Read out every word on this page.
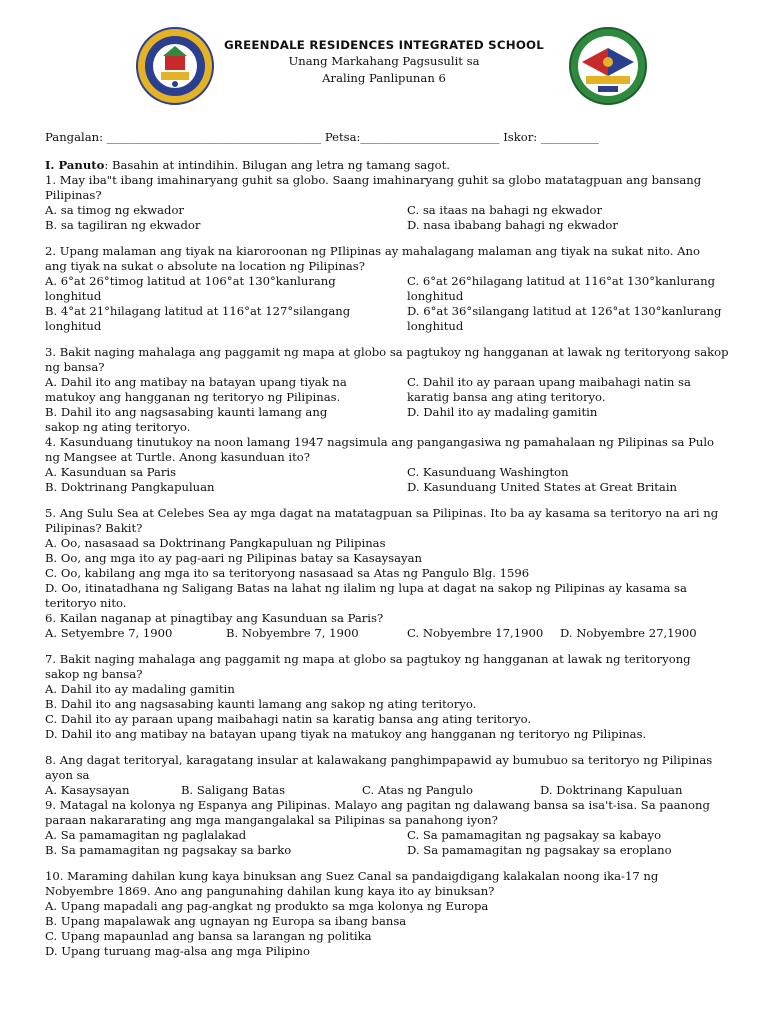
GREENDALE RESIDENCES INTEGRATED SCHOOL
Unang Markahang Pagsusulit sa
Araling Panlipunan 6
Pangalan: _____________________________________ Petsa:________________________ Iskor: __________
I. Panuto: Basahin at intindihin. Bilugan ang letra ng tamang sagot.
1. May iba"t ibang imahinaryang guhit sa globo. Saang imahinaryang guhit sa globo matatagpuan ang bansang
Pilipinas?
A. sa timog ng ekwador	C. sa itaas na bahagi ng ekwador
B. sa tagiliran ng ekwador	D. nasa ibabang bahagi ng ekwador
2. Upang malaman ang tiyak na kiaroroonan ng PIlipinas ay mahalagang malaman ang tiyak na sukat nito. Ano
ang tiyak na sukat o absolute na location ng Pilipinas?
A. 6°at 26°timog latitud at 106°at 130°kanlurang	C. 6°at 26°hilagang latitud at 116°at 130°kanlurang
longhitud	longhitud
B. 4°at 21°hilagang latitud at 116°at 127°silangang	D. 6°at 36°silangang latitud at 126°at 130°kanlurang
longhitud	longhitud
3. Bakit naging mahalaga ang paggamit ng mapa at globo sa pagtukoy ng hangganan at lawak ng teritoryong sakop
ng bansa?
A. Dahil ito ang matibay na batayan upang tiyak na	C. Dahil ito ay paraan upang maibahagi natin sa
matukoy ang hangganan ng teritoryo ng Pilipinas.	karatig bansa ang ating teritoryo.
B. Dahil ito ang nagsasabing kaunti lamang ang	D. Dahil ito ay madaling gamitin
sakop ng ating teritoryo.
4. Kasunduang tinutukoy na noon lamang 1947 nagsimula ang pangangasiwa ng pamahalaan ng Pilipinas sa Pulo
ng Mangsee at Turtle. Anong kasunduan ito?
A. Kasunduan sa Paris	C. Kasunduang Washington
B. Doktrinang Pangkapuluan	D. Kasunduang United States at Great Britain
5. Ang Sulu Sea at Celebes Sea ay mga dagat na matatagpuan sa Pilipinas. Ito ba ay kasama sa teritoryo na ari ng
Pilipinas? Bakit?
A. Oo, nasasaad sa Doktrinang Pangkapuluan ng Pilipinas
B. Oo, ang mga ito ay pag-aari ng Pilipinas batay sa Kasaysayan
C. Oo, kabilang ang mga ito sa teritoryong nasasaad sa Atas ng Pangulo Blg. 1596
D. Oo, itinatadhana ng Saligang Batas na lahat ng ilalim ng lupa at dagat na sakop ng Pilipinas ay kasama sa
teritoryo nito.
6. Kailan naganap at pinagtibay ang Kasunduan sa Paris?
A. Setyembre 7, 1900	B. Nobyembre 7, 1900	C. Nobyembre 17,1900	D. Nobyembre 27,1900
7. Bakit naging mahalaga ang paggamit ng mapa at globo sa pagtukoy ng hangganan at lawak ng teritoryong
sakop ng bansa?
A. Dahil ito ay madaling gamitin
B. Dahil ito ang nagsasabing kaunti lamang ang sakop ng ating teritoryo.
C. Dahil ito ay paraan upang maibahagi natin sa karatig bansa ang ating teritoryo.
D. Dahil ito ang matibay na batayan upang tiyak na matukoy ang hangganan ng teritoryo ng Pilipinas.
8. Ang dagat teritoryal, karagatang insular at kalawakang panghimpapawid ay bumubuo sa teritoryo ng Pilipinas
ayon sa
A. Kasaysayan	B. Saligang Batas	C. Atas ng Pangulo	D. Doktrinang Kapuluan
9. Matagal na kolonya ng Espanya ang Pilipinas. Malayo ang pagitan ng dalawang bansa sa isa't-isa. Sa paanong
paraan nakararating ang mga mangangalakal sa Pilipinas sa panahong iyon?
A. Sa pamamagitan ng paglalakad	C. Sa pamamagitan ng pagsakay sa kabayo
B. Sa pamamagitan ng pagsakay sa barko	D. Sa pamamagitan ng pagsakay sa eroplano
10. Maraming dahilan kung kaya binuksan ang Suez Canal sa pandaigdigang kalakalan noong ika-17 ng
Nobyembre 1869. Ano ang pangunahing dahilan kung kaya ito ay binuksan?
A. Upang mapadali ang pag-angkat ng produkto sa mga kolonya ng Europa
B. Upang mapalawak ang ugnayan ng Europa sa ibang bansa
C. Upang mapaunlad ang bansa sa larangan ng politika
D. Upang turuang mag-alsa ang mga Pilipino
